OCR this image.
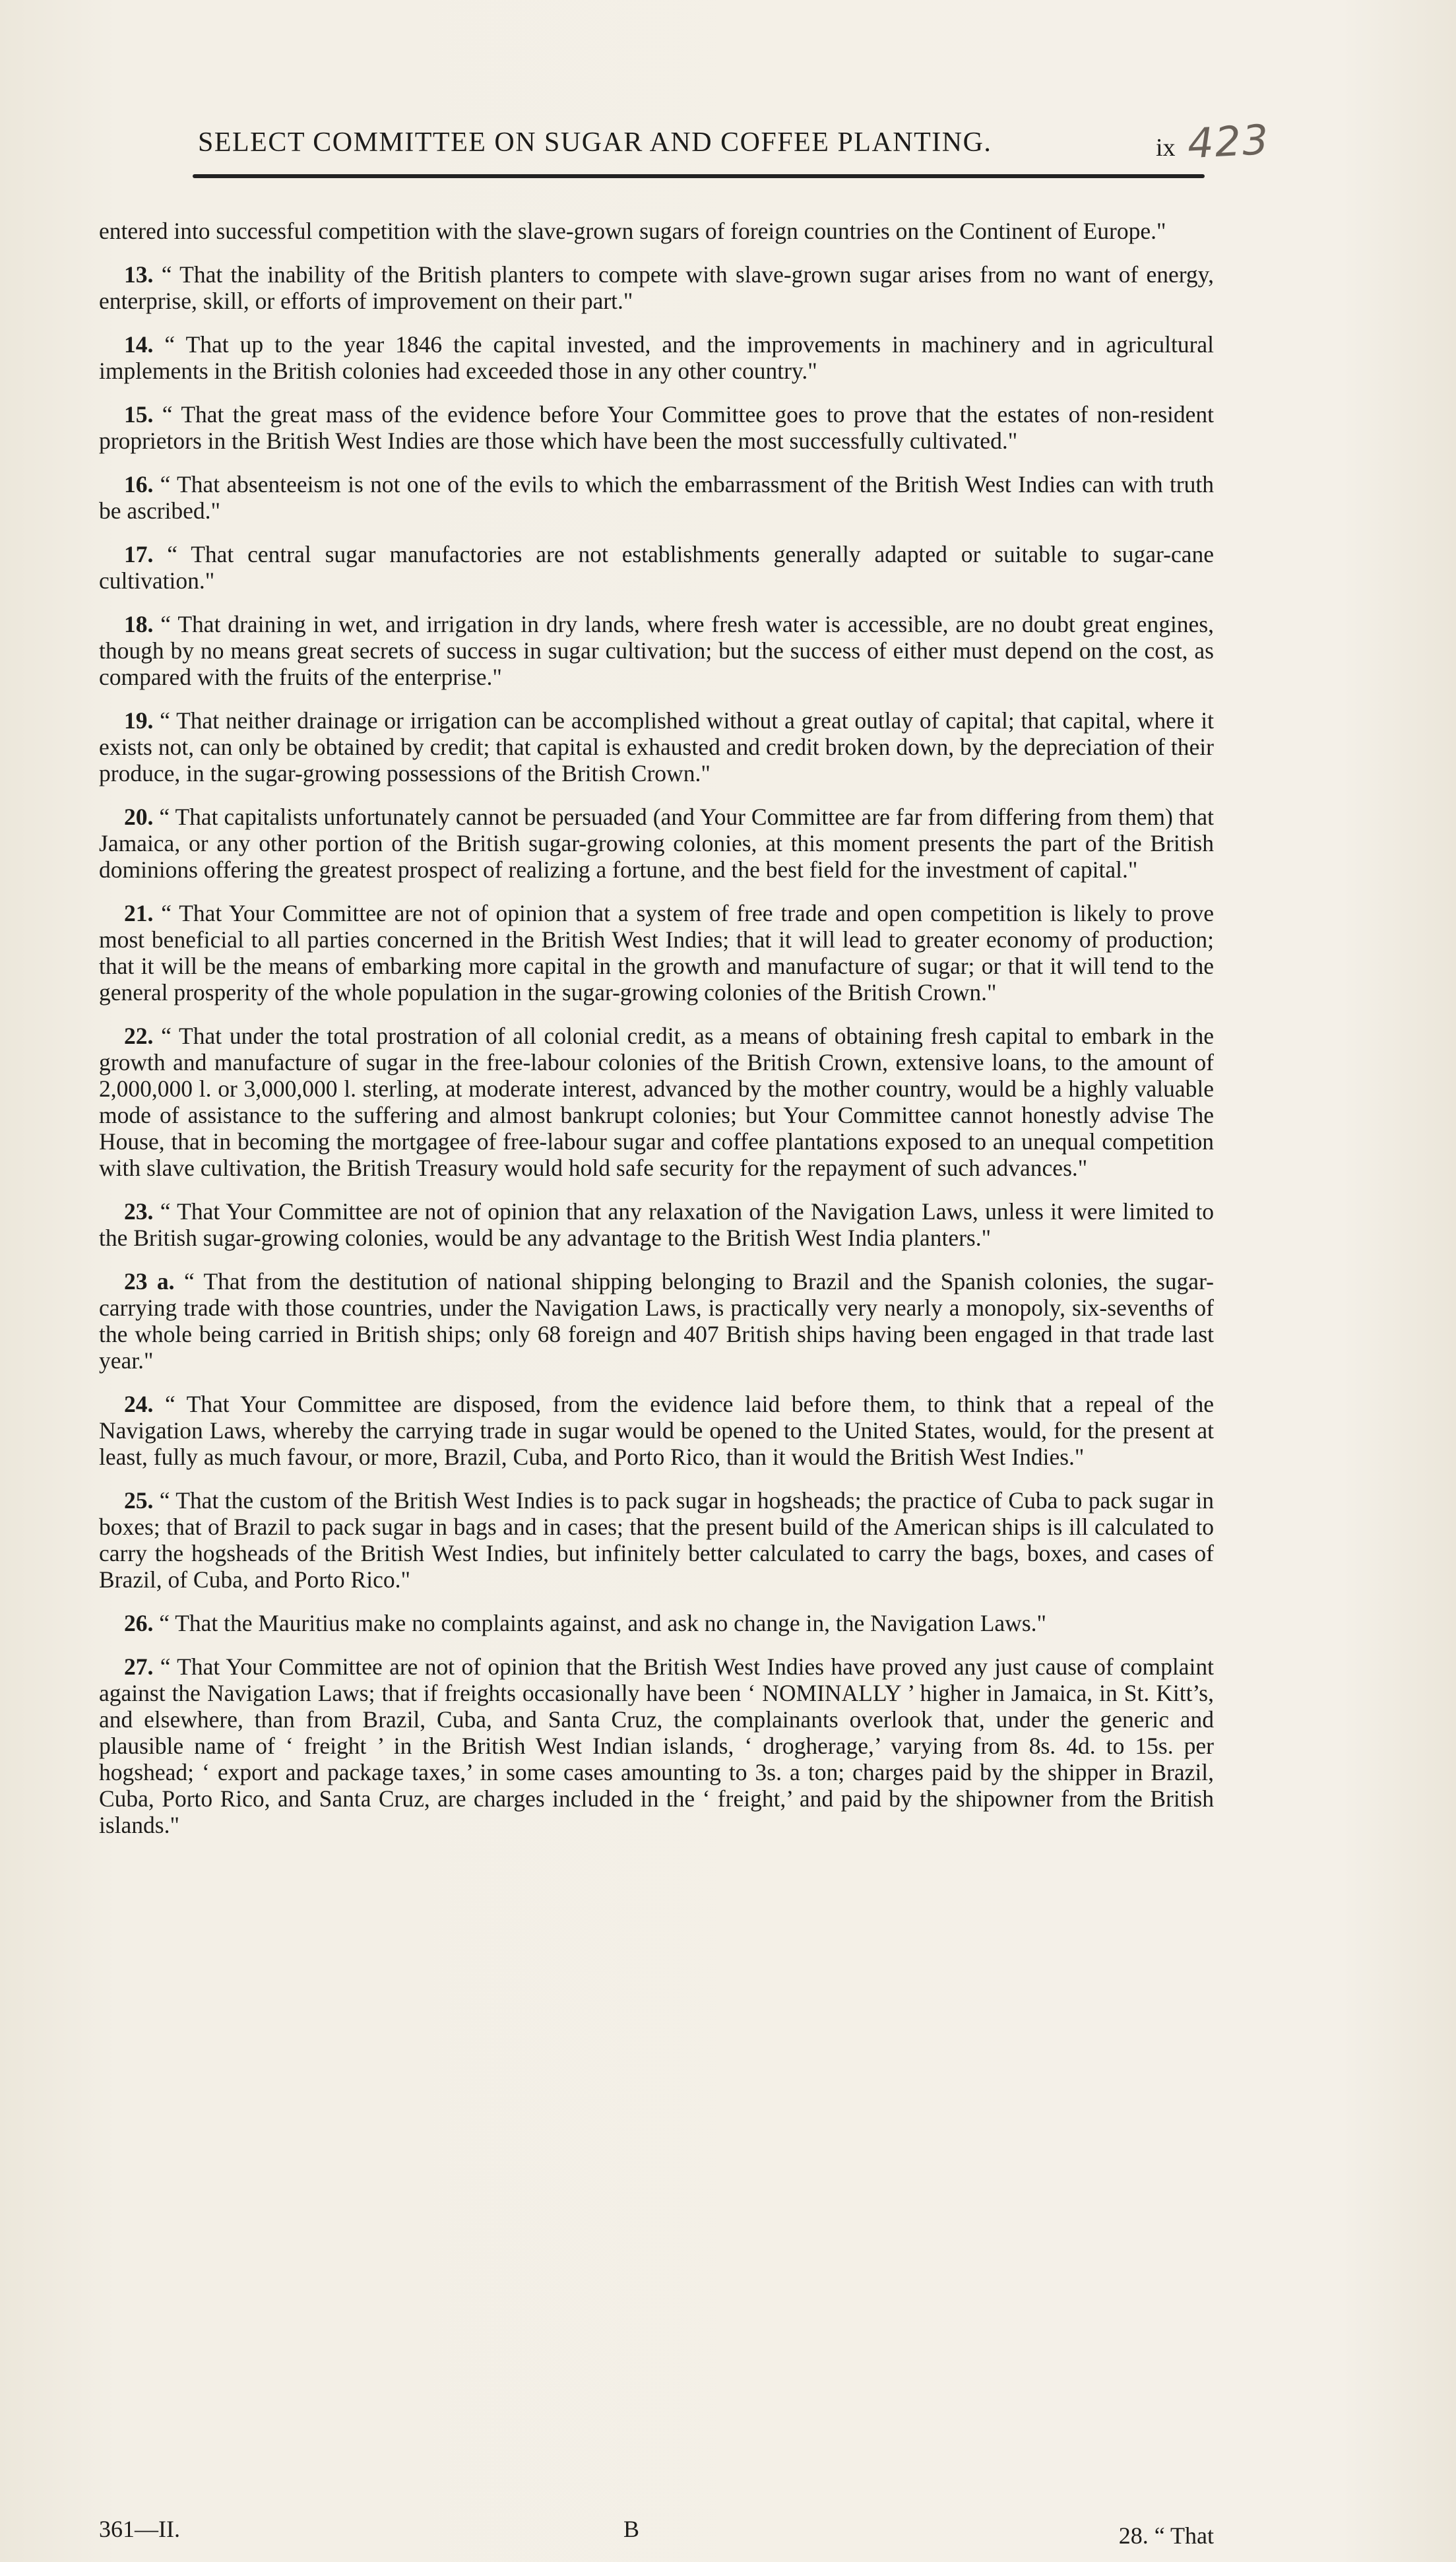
SELECT COMMITTEE ON SUGAR AND COFFEE PLANTING.	ix 423

entered into successful competition with the slave-grown sugars of foreign countries on the Continent of Europe."

13. “ That the inability of the British planters to compete with slave-grown sugar arises from no want of energy, enterprise, skill, or efforts of improvement on their part."

14. “ That up to the year 1846 the capital invested, and the improvements in machinery and in agricultural implements in the British colonies had exceeded those in any other country."

15. “ That the great mass of the evidence before Your Committee goes to prove that the estates of non-resident proprietors in the British West Indies are those which have been the most successfully cultivated."

16. “ That absenteeism is not one of the evils to which the embarrassment of the British West Indies can with truth be ascribed."

17. “ That central sugar manufactories are not establishments generally adapted or suitable to sugar-cane cultivation."

18. “ That draining in wet, and irrigation in dry lands, where fresh water is accessible, are no doubt great engines, though by no means great secrets of success in sugar cultivation; but the success of either must depend on the cost, as compared with the fruits of the enterprise."

19. “ That neither drainage or irrigation can be accomplished without a great outlay of capital; that capital, where it exists not, can only be obtained by credit; that capital is exhausted and credit broken down, by the depreciation of their produce, in the sugar-growing possessions of the British Crown."

20. “ That capitalists unfortunately cannot be persuaded (and Your Committee are far from differing from them) that Jamaica, or any other portion of the British sugar-growing colonies, at this moment presents the part of the British dominions offering the greatest prospect of realizing a fortune, and the best field for the investment of capital."

21. “ That Your Committee are not of opinion that a system of free trade and open competition is likely to prove most beneficial to all parties concerned in the British West Indies; that it will lead to greater economy of production; that it will be the means of embarking more capital in the growth and manufacture of sugar; or that it will tend to the general prosperity of the whole population in the sugar-growing colonies of the British Crown."

22. “ That under the total prostration of all colonial credit, as a means of obtaining fresh capital to embark in the growth and manufacture of sugar in the free-labour colonies of the British Crown, extensive loans, to the amount of 2,000,000 l. or 3,000,000 l. sterling, at moderate interest, advanced by the mother country, would be a highly valuable mode of assistance to the suffering and almost bankrupt colonies; but Your Committee cannot honestly advise The House, that in becoming the mortgagee of free-labour sugar and coffee plantations exposed to an unequal competition with slave cultivation, the British Treasury would hold safe security for the repayment of such advances."

23. “ That Your Committee are not of opinion that any relaxation of the Navigation Laws, unless it were limited to the British sugar-growing colonies, would be any advantage to the British West India planters."

23 a. “ That from the destitution of national shipping belonging to Brazil and the Spanish colonies, the sugar-carrying trade with those countries, under the Navigation Laws, is practically very nearly a monopoly, six-sevenths of the whole being carried in British ships; only 68 foreign and 407 British ships having been engaged in that trade last year."

24. “ That Your Committee are disposed, from the evidence laid before them, to think that a repeal of the Navigation Laws, whereby the carrying trade in sugar would be opened to the United States, would, for the present at least, fully as much favour, or more, Brazil, Cuba, and Porto Rico, than it would the British West Indies."

25. “ That the custom of the British West Indies is to pack sugar in hogsheads; the practice of Cuba to pack sugar in boxes; that of Brazil to pack sugar in bags and in cases; that the present build of the American ships is ill calculated to carry the hogsheads of the British West Indies, but infinitely better calculated to carry the bags, boxes, and cases of Brazil, of Cuba, and Porto Rico."

26. “ That the Mauritius make no complaints against, and ask no change in, the Navigation Laws."

27. “ That Your Committee are not of opinion that the British West Indies have proved any just cause of complaint against the Navigation Laws; that if freights occasionally have been ‘ NOMINALLY ’ higher in Jamaica, in St. Kitt’s, and elsewhere, than from Brazil, Cuba, and Santa Cruz, the complainants overlook that, under the generic and plausible name of ‘ freight ’ in the British West Indian islands, ‘ drogherage,’ varying from 8s. 4d. to 15s. per hogshead; ‘ export and package taxes,’ in some cases amounting to 3s. a ton; charges paid by the shipper in Brazil, Cuba, Porto Rico, and Santa Cruz, are charges included in the ‘ freight,’ and paid by the shipowner from the British islands."

361—II.	B	28. “ That
